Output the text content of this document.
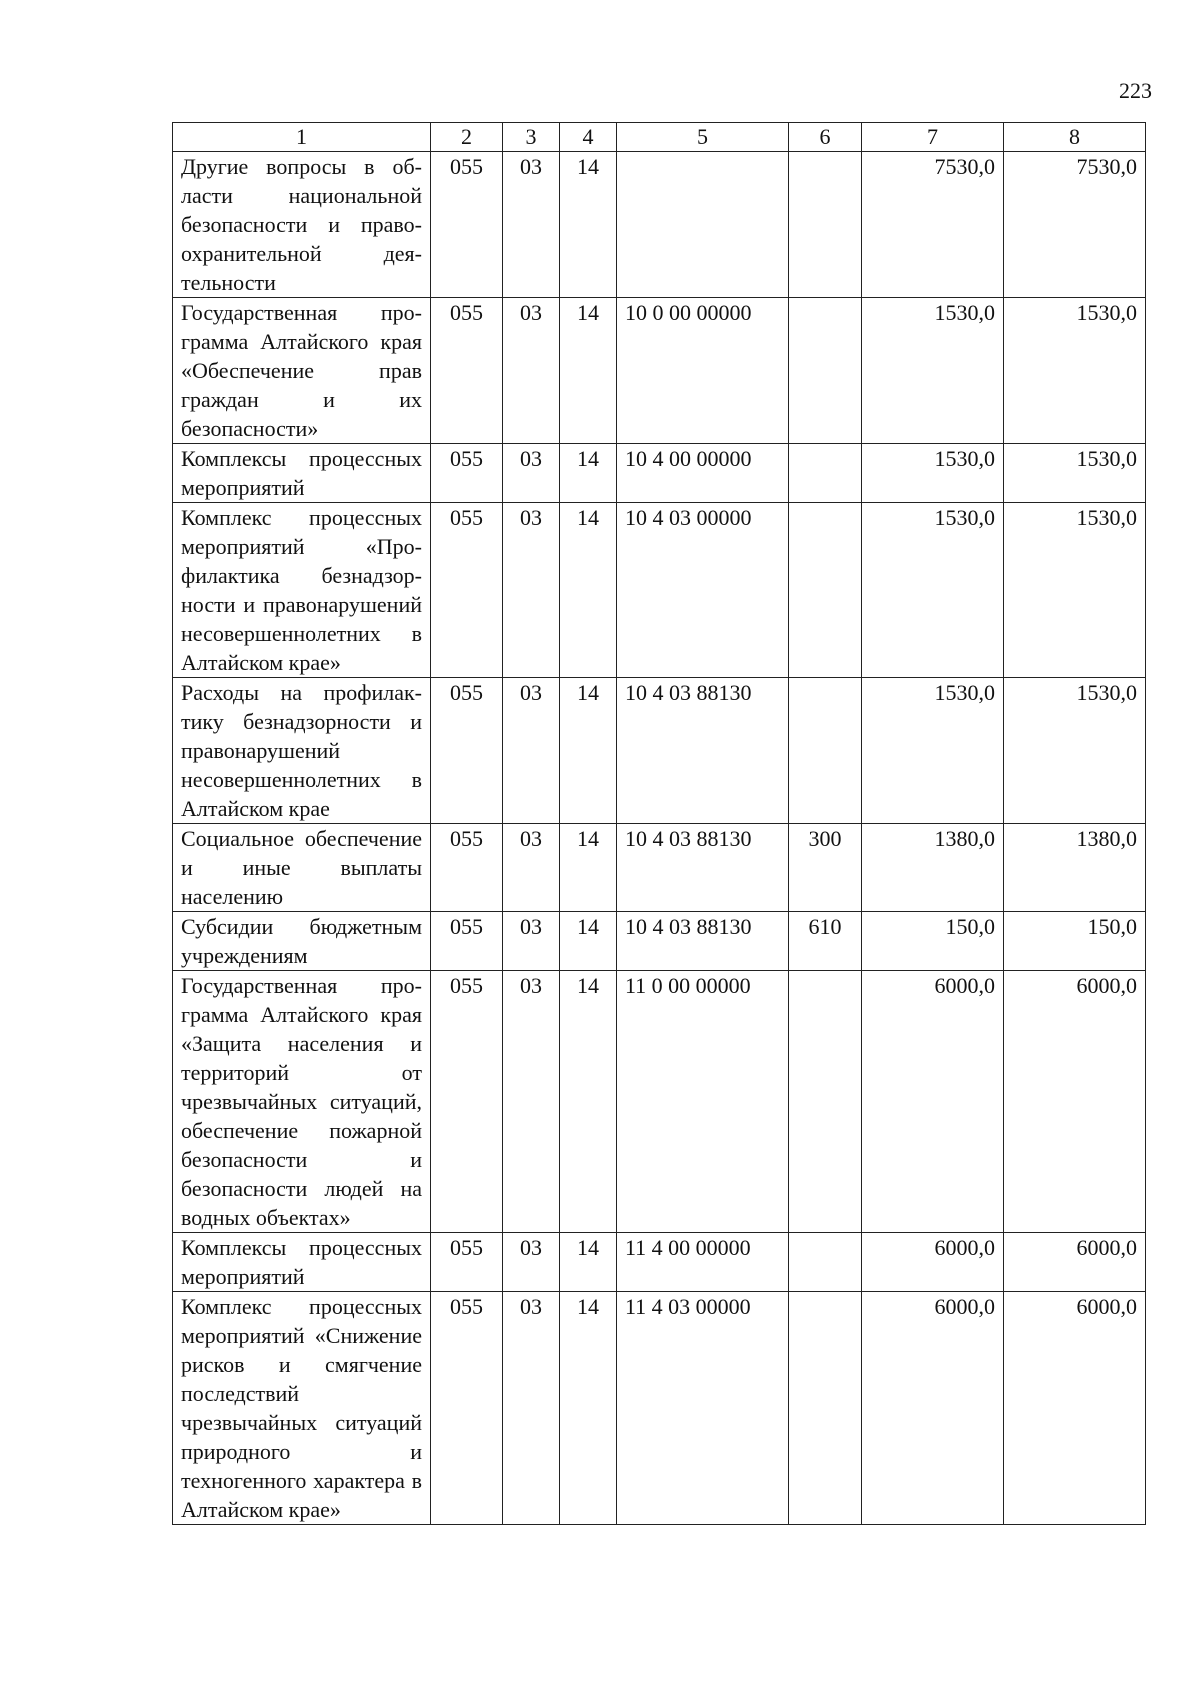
223
1	2	3	4	5	6	7	8
Другие вопросы в области национальной безопасности и правоохранительной деятельности	055	03	14			7530,0	7530,0
Государственная программа Алтайского края «Обеспечение прав граждан и их безопасности»	055	03	14	10 0 00 00000		1530,0	1530,0
Комплексы процессных мероприятий	055	03	14	10 4 00 00000		1530,0	1530,0
Комплекс процессных мероприятий «Профилактика безнадзорности и правонарушений несовершеннолетних в Алтайском крае»	055	03	14	10 4 03 00000		1530,0	1530,0
Расходы на профилактику безнадзорности и правонарушений несовершеннолетних в Алтайском крае	055	03	14	10 4 03 88130		1530,0	1530,0
Социальное обеспечение и иные выплаты населению	055	03	14	10 4 03 88130	300	1380,0	1380,0
Субсидии бюджетным учреждениям	055	03	14	10 4 03 88130	610	150,0	150,0
Государственная программа Алтайского края «Защита населения и территорий от чрезвычайных ситуаций, обеспечение пожарной безопасности и безопасности людей на водных объектах»	055	03	14	11 0 00 00000		6000,0	6000,0
Комплексы процессных мероприятий	055	03	14	11 4 00 00000		6000,0	6000,0
Комплекс процессных мероприятий «Снижение рисков и смягчение последствий чрезвычайных ситуаций природного и техногенного характера в Алтайском крае»	055	03	14	11 4 03 00000		6000,0	6000,0
